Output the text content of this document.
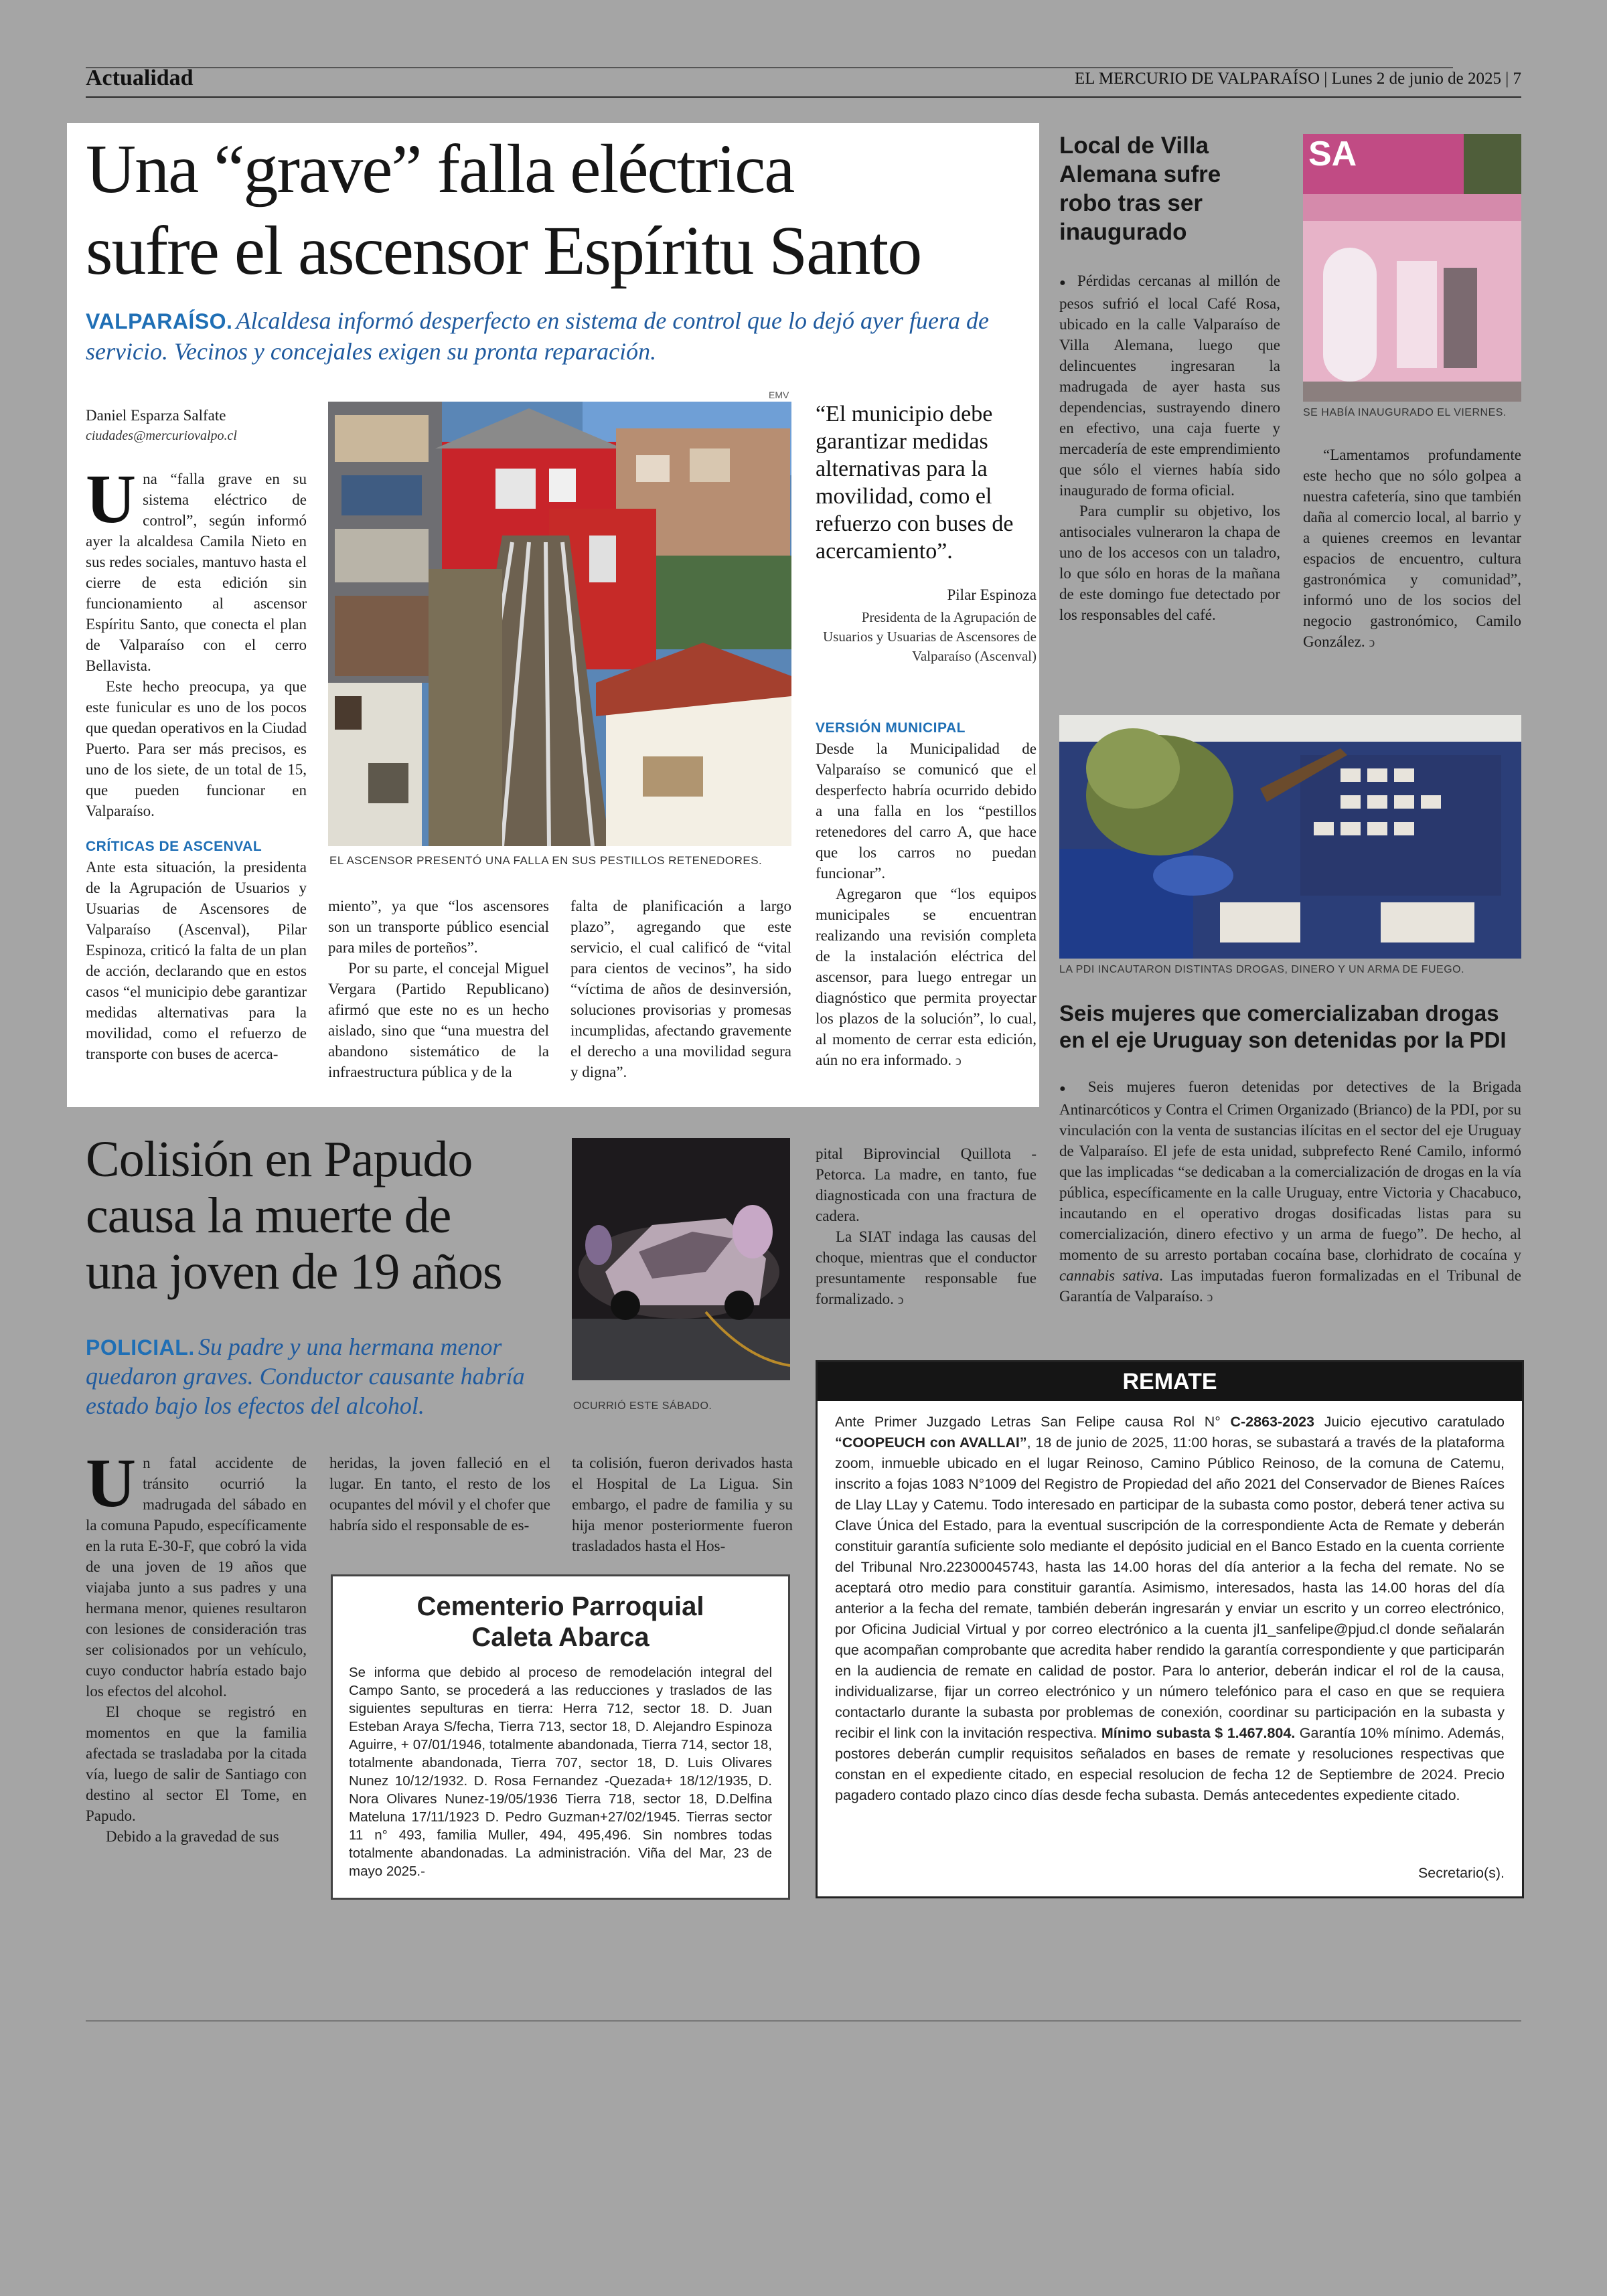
Actualidad	EL MERCURIO DE VALPARAÍSO | Lunes 2 de junio de 2025 | 7
Una “grave” falla eléctrica
sufre el ascensor Espíritu Santo
VALPARAÍSO. Alcaldesa informó desperfecto en sistema de control que lo dejó ayer fuera de servicio. Vecinos y concejales exigen su pronta reparación.
Daniel Esparza Salfate
ciudades@mercuriovalpo.cl

Una “falla grave en su sistema eléctrico de control”, según informó ayer la alcaldesa Camila Nieto en sus redes sociales, mantuvo hasta el cierre de esta edición sin funcionamiento al ascensor Espíritu Santo, que conecta el plan de Valparaíso con el cerro Bellavista.

Este hecho preocupa, ya que este funicular es uno de los pocos que quedan operativos en la Ciudad Puerto. Para ser más precisos, es uno de los siete, de un total de 15, que pueden funcionar en Valparaíso.

CRÍTICAS DE ASCENVAL

Ante esta situación, la presidenta de la Agrupación de Usuarios y Usuarias de Ascensores de Valparaíso (Ascenval), Pilar Espinoza, criticó la falta de un plan de acción, declarando que en estos casos “el municipio debe garantizar medidas alternativas para la movilidad, como el refuerzo de transporte con buses de acerca-

EMV
EL ASCENSOR PRESENTÓ UNA FALLA EN SUS PESTILLOS RETENEDORES.

miento”, ya que “los ascensores son un transporte público esencial para miles de porteños”.

Por su parte, el concejal Miguel Vergara (Partido Republicano) afirmó que este no es un hecho aislado, sino que “una muestra del abandono sistemático de la infraestructura pública y de la

falta de planificación a largo plazo”, agregando que este servicio, el cual calificó de “vital para cientos de vecinos”, ha sido “víctima de años de desinversión, soluciones provisorias y promesas incumplidas, afectando gravemente el derecho a una movilidad segura y digna”.

“El municipio debe garantizar medidas alternativas para la movilidad, como el refuerzo con buses de acercamiento”.
Pilar Espinoza
Presidenta de la Agrupación de Usuarios y Usuarias de Ascensores de Valparaíso (Ascenval)

VERSIÓN MUNICIPAL

Desde la Municipalidad de Valparaíso se comunicó que el desperfecto habría ocurrido debido a una falla en los “pestillos retenedores del carro A, que hace que los carros no puedan funcionar”.

Agregaron que “los equipos municipales se encuentran realizando una revisión completa de la instalación eléctrica del ascensor, para luego entregar un diagnóstico que permita proyectar los plazos de la solución”, lo cual, al momento de cerrar esta edición, aún no era informado. ↄ

Local de Villa Alemana sufre robo tras ser inaugurado

● Pérdidas cercanas al millón de pesos sufrió el local Café Rosa, ubicado en la calle Valparaíso de Villa Alemana, luego que delincuentes ingresaran la madrugada de ayer hasta sus dependencias, sustrayendo dinero en efectivo, una caja fuerte y mercadería de este emprendimiento que sólo el viernes había sido inaugurado de forma oficial.

Para cumplir su objetivo, los antisociales vulneraron la chapa de uno de los accesos con un taladro, lo que sólo en horas de la mañana de este domingo fue detectado por los responsables del café.

SA
SE HABÍA INAUGURADO EL VIERNES.

“Lamentamos profundamente este hecho que no sólo golpea a nuestra cafetería, sino que también daña al comercio local, al barrio y a quienes creemos en levantar espacios de encuentro, cultura gastronómica y comunidad”, informó uno de los socios del negocio gastronómico, Camilo González. ↄ

LA PDI INCAUTARON DISTINTAS DROGAS, DINERO Y UN ARMA DE FUEGO.
Seis mujeres que comercializaban drogas en el eje Uruguay son detenidas por la PDI

● Seis mujeres fueron detenidas por detectives de la Brigada Antinarcóticos y Contra el Crimen Organizado (Brianco) de la PDI, por su vinculación con la venta de sustancias ilícitas en el sector del eje Uruguay de Valparaíso. El jefe de esta unidad, subprefecto René Camilo, informó que las implicadas “se dedicaban a la comercialización de drogas en la vía pública, específicamente en la calle Uruguay, entre Victoria y Chacabuco, incautando en el operativo drogas dosificadas listas para su comercialización, dinero efectivo y un arma de fuego”. De hecho, al momento de su arresto portaban cocaína base, clorhidrato de cocaína y cannabis sativa. Las imputadas fueron formalizadas en el Tribunal de Garantía de Valparaíso. ↄ

Colisión en Papudo
causa la muerte de
una joven de 19 años
POLICIAL. Su padre y una hermana menor quedaron graves. Conductor causante habría estado bajo los efectos del alcohol.	OCURRIÓ ESTE SÁBADO.

Un fatal accidente de tránsito ocurrió la madrugada del sábado en la comuna Papudo, específicamente en la ruta E-30-F, que cobró la vida de una joven de 19 años que viajaba junto a sus padres y una hermana menor, quienes resultaron con lesiones de consideración tras ser colisionados por un vehículo, cuyo conductor habría estado bajo los efectos del alcohol.

El choque se registró en momentos en que la familia afectada se trasladaba por la citada vía, luego de salir de Santiago con destino al sector El Tome, en Papudo.

Debido a la gravedad de sus

heridas, la joven falleció en el lugar. En tanto, el resto de los ocupantes del móvil y el chofer que habría sido el responsable de es-

ta colisión, fueron derivados hasta el Hospital de La Ligua. Sin embargo, el padre de familia y su hija menor posteriormente fueron trasladados hasta el Hos-

pital Biprovincial Quillota - Petorca. La madre, en tanto, fue diagnosticada con una fractura de cadera.

La SIAT indaga las causas del choque, mientras que el conductor presuntamente responsable fue formalizado. ↄ

Cementerio Parroquial
Caleta Abarca
Se informa que debido al proceso de remodelación integral del Campo Santo, se procederá a las reducciones y traslados de las siguientes sepulturas en tierra: Herra 712, sector 18. D. Juan Esteban Araya S/fecha, Tierra 713, sector 18, D. Alejandro Espinoza Aguirre, + 07/01/1946, totalmente abandonada, Tierra 714, sector 18, totalmente abandonada, Tierra 707, sector 18, D. Luis Olivares Nunez 10/12/1932. D. Rosa Fernandez -Quezada+ 18/12/1935, D. Nora Olivares Nunez-19/05/1936 Tierra 718, sector 18, D.Delfina Mateluna 17/11/1923 D. Pedro Guzman+27/02/1945. Tierras sector 11 n° 493, familia Muller, 494, 495,496. Sin nombres todas totalmente abandonadas. La administración. Viña del Mar, 23 de mayo 2025.-
REMATE
Ante Primer Juzgado Letras San Felipe causa Rol N° C-2863-2023 Juicio ejecutivo caratulado “COOPEUCH con AVALLAI”, 18 de junio de 2025, 11:00 horas, se subastará a través de la plataforma zoom, inmueble ubicado en el lugar Reinoso, Camino Público Reinoso, de la comuna de Catemu, inscrito a fojas 1083 N°1009 del Registro de Propiedad del año 2021 del Conservador de Bienes Raíces de Llay LLay y Catemu. Todo interesado en participar de la subasta como postor, deberá tener activa su Clave Única del Estado, para la eventual suscripción de la correspondiente Acta de Remate y deberán constituir garantía suficiente solo mediante el depósito judicial en el Banco Estado en la cuenta corriente del Tribunal Nro.22300045743, hasta las 14.00 horas del día anterior a la fecha del remate. No se aceptará otro medio para constituir garantía. Asimismo, interesados, hasta las 14.00 horas del día anterior a la fecha del remate, también deberán ingresarán y enviar un escrito y un correo electrónico, por Oficina Judicial Virtual y por correo electrónico a la cuenta jl1_sanfelipe@pjud.cl donde señalarán que acompañan comprobante que acredita haber rendido la garantía correspondiente y que participarán en la audiencia de remate en calidad de postor. Para lo anterior, deberán indicar el rol de la causa, individualizarse, fijar un correo electrónico y un número telefónico para el caso en que se requiera contactarlo durante la subasta por problemas de conexión, coordinar su participación en la subasta y recibir el link con la invitación respectiva. Mínimo subasta $ 1.467.804. Garantía 10% mínimo. Además, postores deberán cumplir requisitos señalados en bases de remate y resoluciones respectivas que constan en el expediente citado, en especial resolucion de fecha 12 de Septiembre de 2024. Precio pagadero contado plazo cinco días desde fecha subasta. Demás antecedentes expediente citado.
Secretario(s).
